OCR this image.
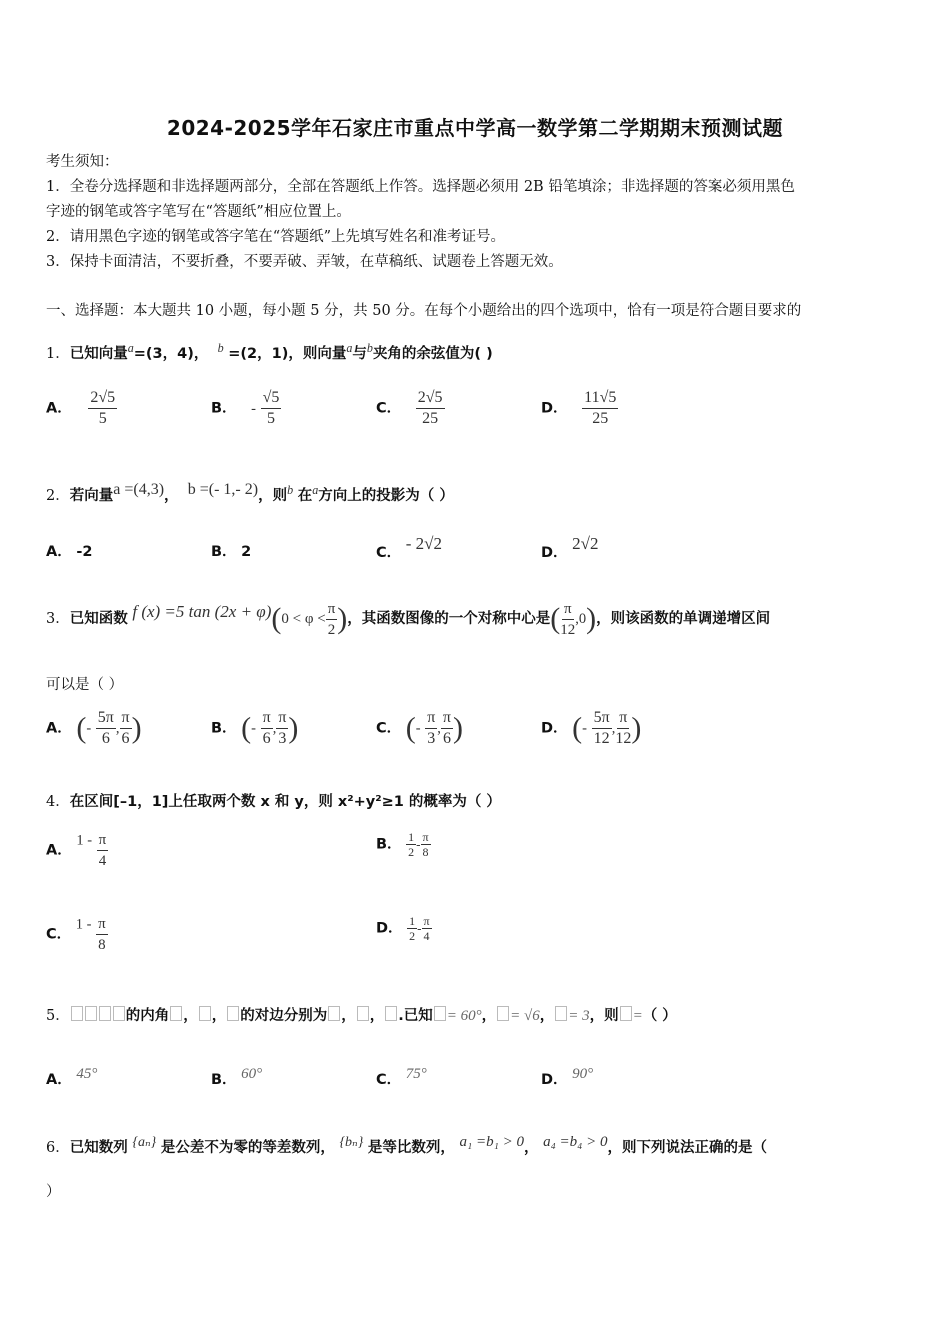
2024-2025学年石家庄市重点中学高一数学第二学期期末预测试题
考生须知：
1．全卷分选择题和非选择题两部分，全部在答题纸上作答。选择题必须用 2B 铅笔填涂；非选择题的答案必须用黑色
字迹的钢笔或答字笔写在“答题纸”相应位置上。
2．请用黑色字迹的钢笔或答字笔在“答题纸”上先填写姓名和准考证号。
3．保持卡面清洁，不要折叠，不要弄破、弄皱，在草稿纸、试题卷上答题无效。
一、选择题：本大题共 10 小题，每小题 5 分，共 50 分。在每个小题给出的四个选项中，恰有一项是符合题目要求的
1．已知向量$^a$=(3，4)， $^b$ =(2，1)，则向量$^a$与$^b$夹角的余弦值为( )
A． $\frac{2√5}{5}$	B． - $\frac{√5}{5}$	C． $\frac{2√5}{25}$	D． $\frac{11√5}{25}$
2．若向量$^{a =(4,3)}$， $^{b =(- 1,- 2)}$，则$^b$ 在$^a$方向上的投影为（ ）
A． -2	B． 2	C． - 2√2	D． 2√2
3．已知函数 f (x) =5 $\tan (2x + \varphi)(0 < \varphi < \frac{\pi}{2}$ )，其函数图像的一个对称中心是( $\frac{\pi}{12} ,0$)，则该函数的单调递增区间
可以是（ ）
A． (- $\frac{5\pi}{6}$ , $\frac{\pi}{6}$ )	B． (- $\frac{\pi}{6}$ , $\frac{\pi}{3}$ )	C． (- $\frac{\pi}{3}$ , $\frac{\pi}{6}$ )	D． (- $\frac{5\pi}{12}$ , $\frac{\pi}{12}$ )
4．在区间[–1，1]上任取两个数 x 和 y，则 x²+y²≥1 的概率为（ ）
A． $1 - \frac{\pi}{4}$	B． $\frac{1}{2} - \frac{\pi}{8}$
C． $1 - \frac{\pi}{8}$	D． $\frac{1}{2} - \frac{\pi}{4}$
5．	的内角 ， ， 的对边分别为 ， ， .已知 = 60°， = √6， = 3，则 =（ ）
A． 45°	B． 60°	C． 75°	D． 90°
6．已知数列 {aₙ} 是公差不为零的等差数列， {bₙ} 是等比数列， a₁ =b₁ > 0， a₄ =b₄ > 0，则下列说法正确的是（
）
